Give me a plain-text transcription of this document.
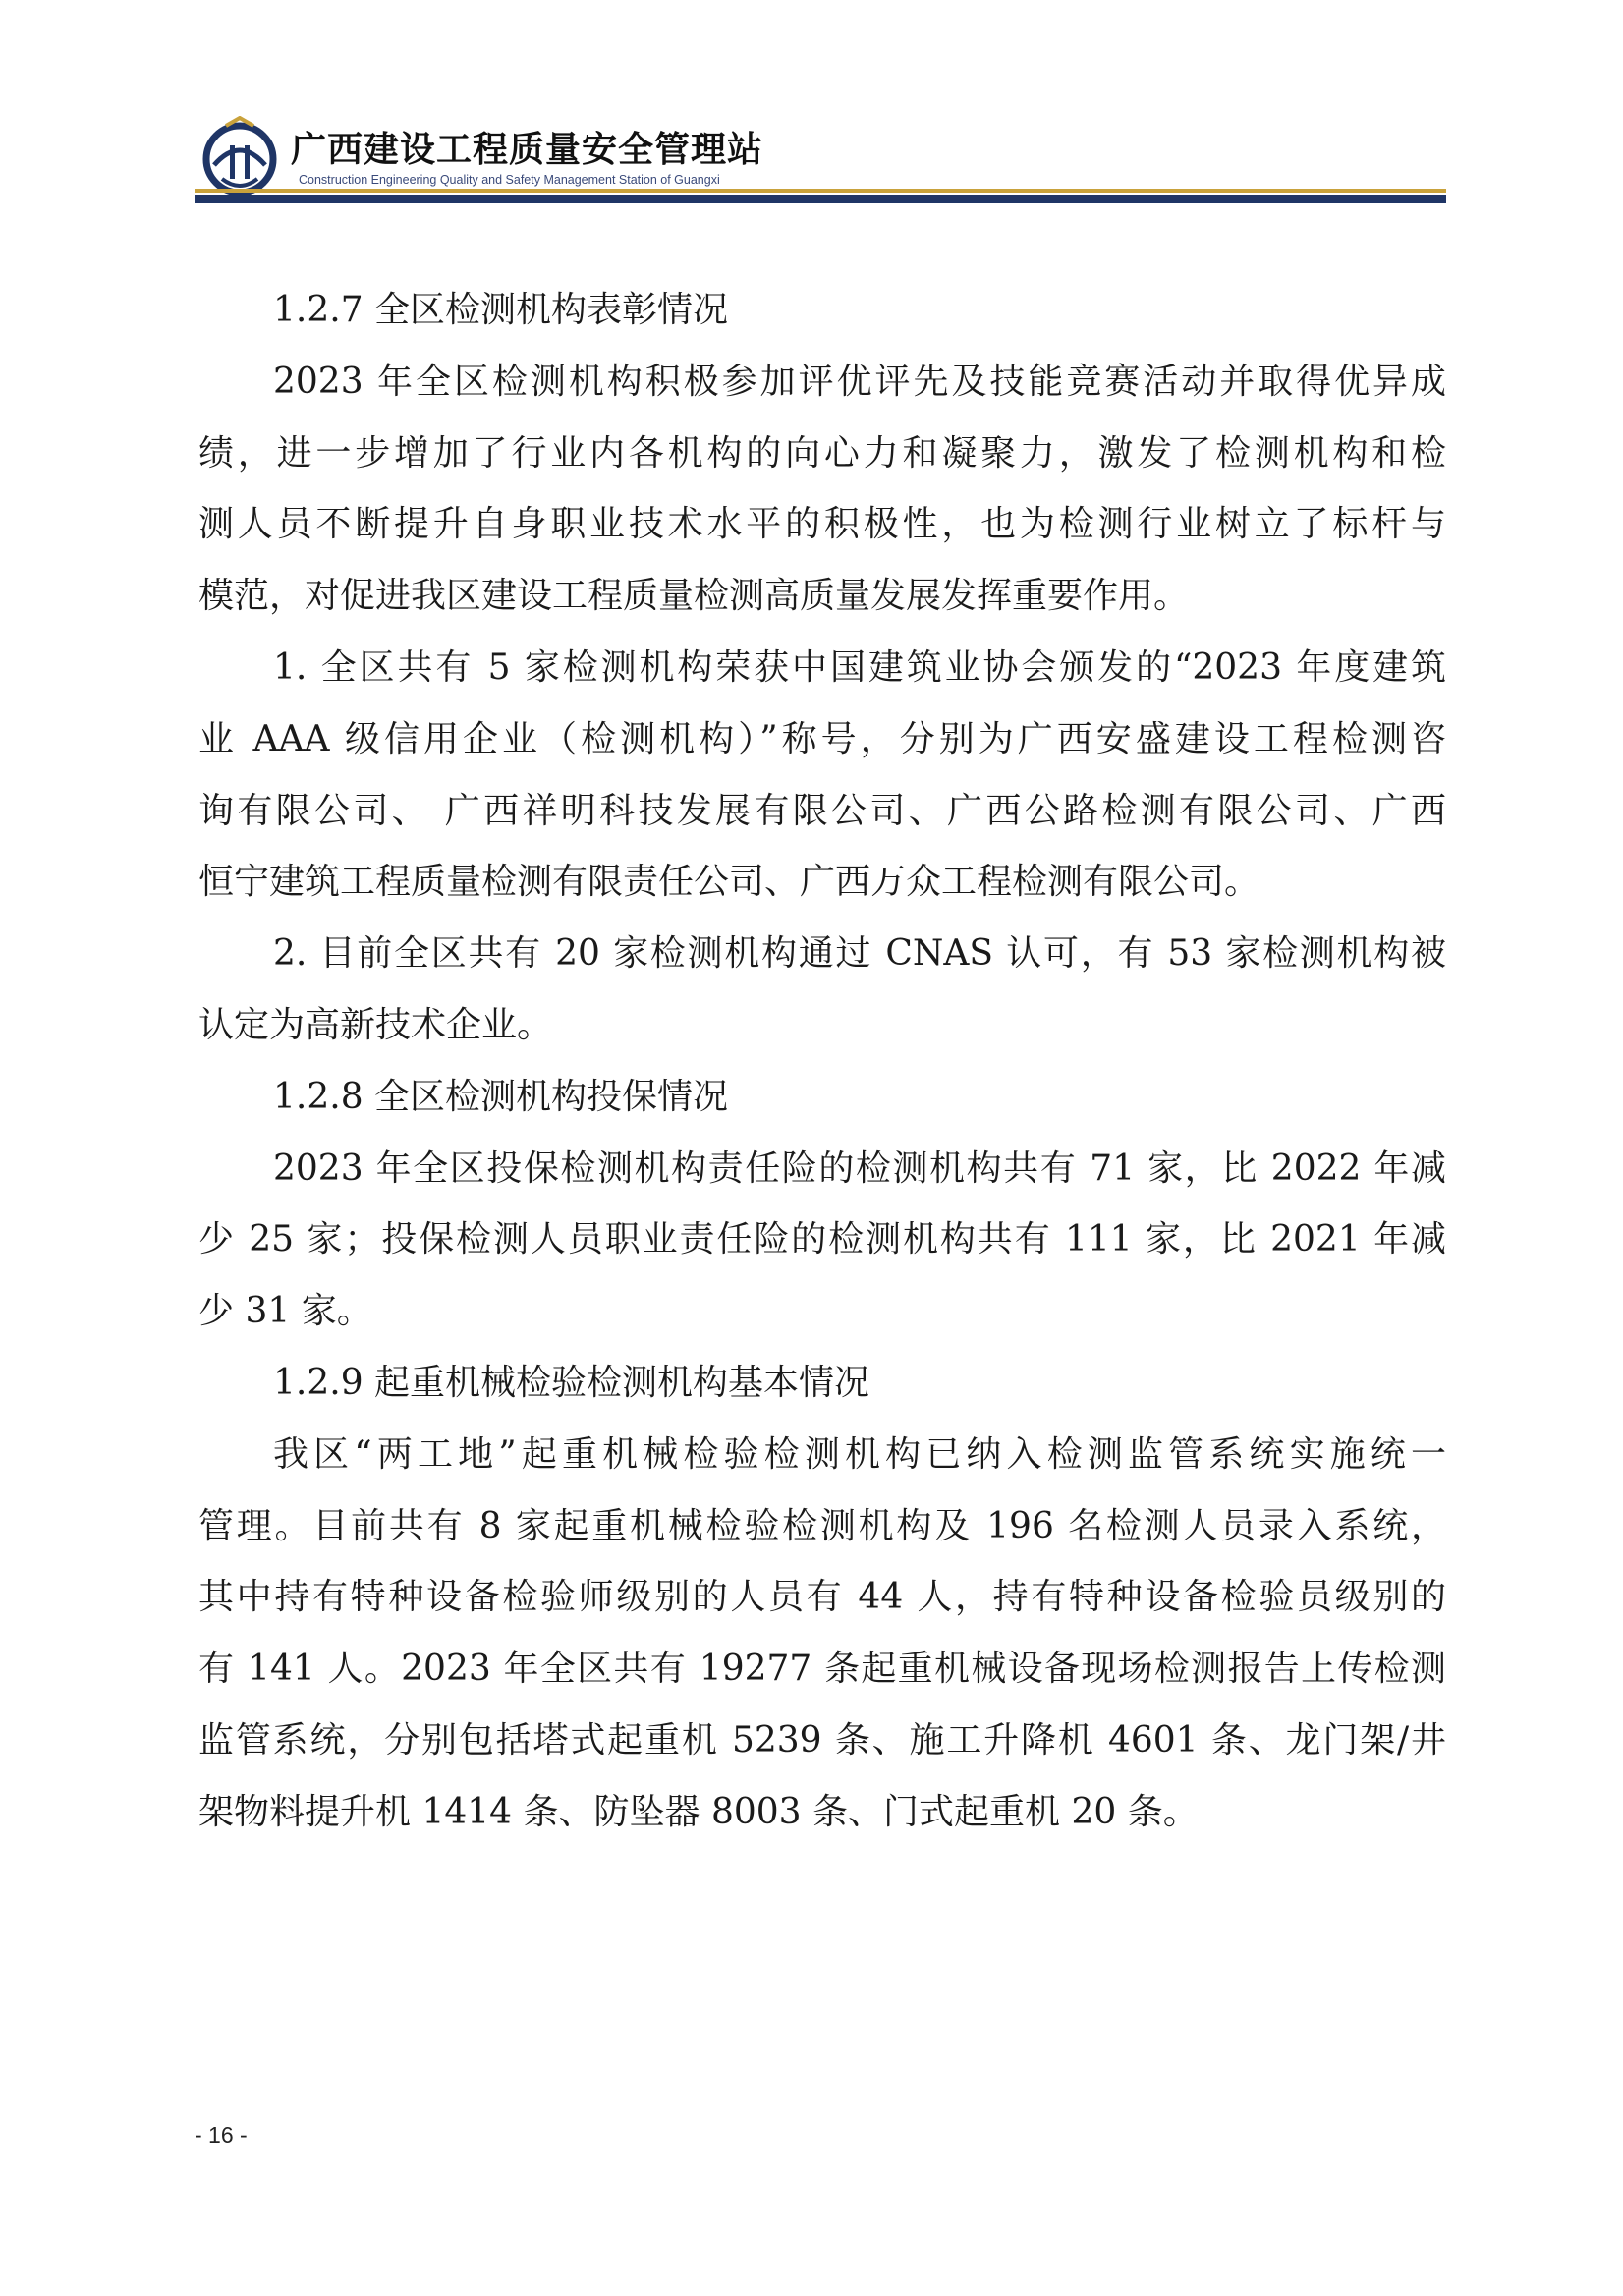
广西建设工程质量安全管理站
Construction Engineering Quality and Safety Management Station of Guangxi
1.2.7 全区检测机构表彰情况
2023 年全区检测机构积极参加评优评先及技能竞赛活动并取得优异成
绩，进一步增加了行业内各机构的向心力和凝聚力，激发了检测机构和检
测人员不断提升自身职业技术水平的积极性，也为检测行业树立了标杆与
模范，对促进我区建设工程质量检测高质量发展发挥重要作用。
1. 全区共有 5 家检测机构荣获中国建筑业协会颁发的“2023 年度建筑
业 AAA 级信用企业（检测机构）”称号，分别为广西安盛建设工程检测咨
询有限公司、 广西祥明科技发展有限公司、广西公路检测有限公司、广西
恒宁建筑工程质量检测有限责任公司、广西万众工程检测有限公司。
2. 目前全区共有 20 家检测机构通过 CNAS 认可，有 53 家检测机构被
认定为高新技术企业。
1.2.8 全区检测机构投保情况
2023 年全区投保检测机构责任险的检测机构共有 71 家，比 2022 年减
少 25 家；投保检测人员职业责任险的检测机构共有 111 家，比 2021 年减
少 31 家。
1.2.9 起重机械检验检测机构基本情况
我区“两工地”起重机械检验检测机构已纳入检测监管系统实施统一
管理。目前共有 8 家起重机械检验检测机构及 196 名检测人员录入系统，
其中持有特种设备检验师级别的人员有 44 人，持有特种设备检验员级别的
有 141 人。2023 年全区共有 19277 条起重机械设备现场检测报告上传检测
监管系统，分别包括塔式起重机 5239 条、施工升降机 4601 条、龙门架/井
架物料提升机 1414 条、防坠器 8003 条、门式起重机 20 条。
- 16 -
